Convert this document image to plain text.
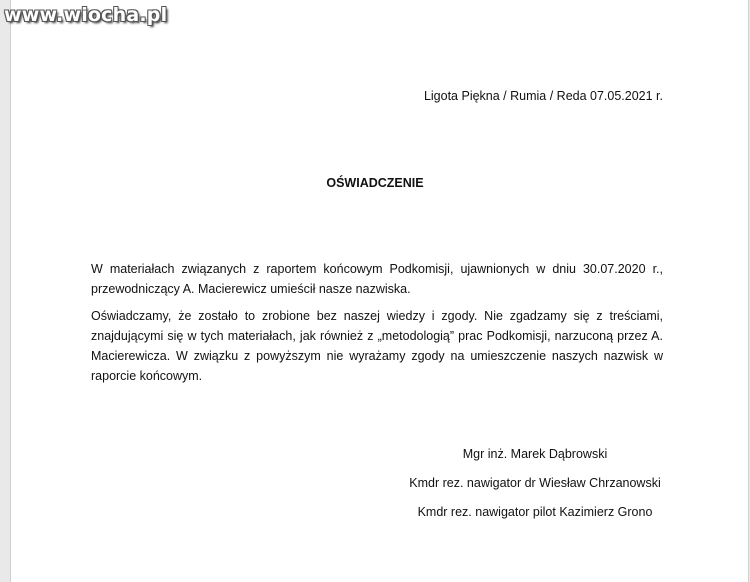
www.wiocha.pl
Ligota Piękna / Rumia / Reda 07.05.2021 r.
OŚWIADCZENIE

W materiałach związanych z raportem końcowym Podkomisji, ujawnionych w dniu 30.07.2020 r., przewodniczący A. Macierewicz umieścił nasze nazwiska.

Oświadczamy, że zostało to zrobione bez naszej wiedzy i zgody. Nie zgadzamy się z treściami, znajdującymi się w tych materiałach, jak również z „metodologią” prac Podkomisji, narzuconą przez A. Macierewicza. W związku z powyższym nie wyrażamy zgody na umieszczenie naszych nazwisk w raporcie końcowym.

Mgr inż. Marek Dąbrowski
Kmdr rez. nawigator dr Wiesław Chrzanowski
Kmdr rez. nawigator pilot Kazimierz Grono
